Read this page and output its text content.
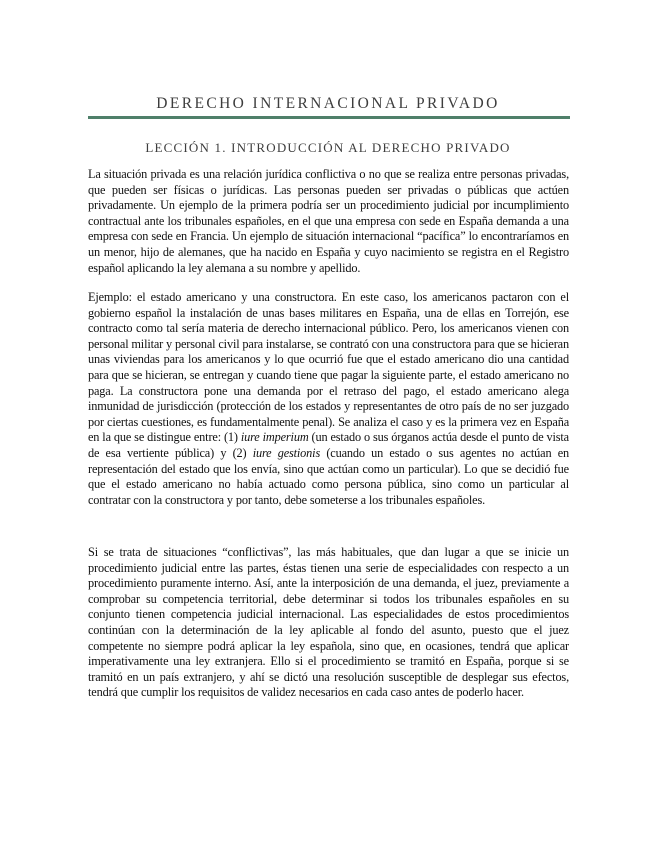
DERECHO INTERNACIONAL PRIVADO
LECCIÓN 1. INTRODUCCIÓN AL DERECHO PRIVADO

La situación privada es una relación jurídica conflictiva o no que se realiza entre personas privadas, que pueden ser físicas o jurídicas. Las personas pueden ser privadas o públicas que actúen privadamente. Un ejemplo de la primera podría ser un procedimiento judicial por incumplimiento contractual ante los tribunales españoles, en el que una empresa con sede en España demanda a una empresa con sede en Francia. Un ejemplo de situación internacional “pacífica” lo encontraríamos en un menor, hijo de alemanes, que ha nacido en España y cuyo nacimiento se registra en el Registro español aplicando la ley alemana a su nombre y apellido.

Ejemplo: el estado americano y una constructora. En este caso, los americanos pactaron con el gobierno español la instalación de unas bases militares en España, una de ellas en Torrejón, ese contracto como tal sería materia de derecho internacional público. Pero, los americanos vienen con personal militar y personal civil para instalarse, se contrató con una constructora para que se hicieran unas viviendas para los americanos y lo que ocurrió fue que el estado americano dio una cantidad para que se hicieran, se entregan y cuando tiene que pagar la siguiente parte, el estado americano no paga. La constructora pone una demanda por el retraso del pago, el estado americano alega inmunidad de jurisdicción (protección de los estados y representantes de otro país de no ser juzgado por ciertas cuestiones, es fundamentalmente penal). Se analiza el caso y es la primera vez en España en la que se distingue entre: (1) iure imperium (un estado o sus órganos actúa desde el punto de vista de esa vertiente pública) y (2) iure gestionis (cuando un estado o sus agentes no actúan en representación del estado que los envía, sino que actúan como un particular). Lo que se decidió fue que el estado americano no había actuado como persona pública, sino como un particular al contratar con la constructora y por tanto, debe someterse a los tribunales españoles.

Si se trata de situaciones “conflictivas”, las más habituales, que dan lugar a que se inicie un procedimiento judicial entre las partes, éstas tienen una serie de especialidades con respecto a un procedimiento puramente interno. Así, ante la interposición de una demanda, el juez, previamente a comprobar su competencia territorial, debe determinar si todos los tribunales españoles en su conjunto tienen competencia judicial internacional. Las especialidades de estos procedimientos continúan con la determinación de la ley aplicable al fondo del asunto, puesto que el juez competente no siempre podrá aplicar la ley española, sino que, en ocasiones, tendrá que aplicar imperativamente una ley extranjera. Ello si el procedimiento se tramitó en España, porque si se tramitó en un país extranjero, y ahí se dictó una resolución susceptible de desplegar sus efectos, tendrá que cumplir los requisitos de validez necesarios en cada caso antes de poderlo hacer.
